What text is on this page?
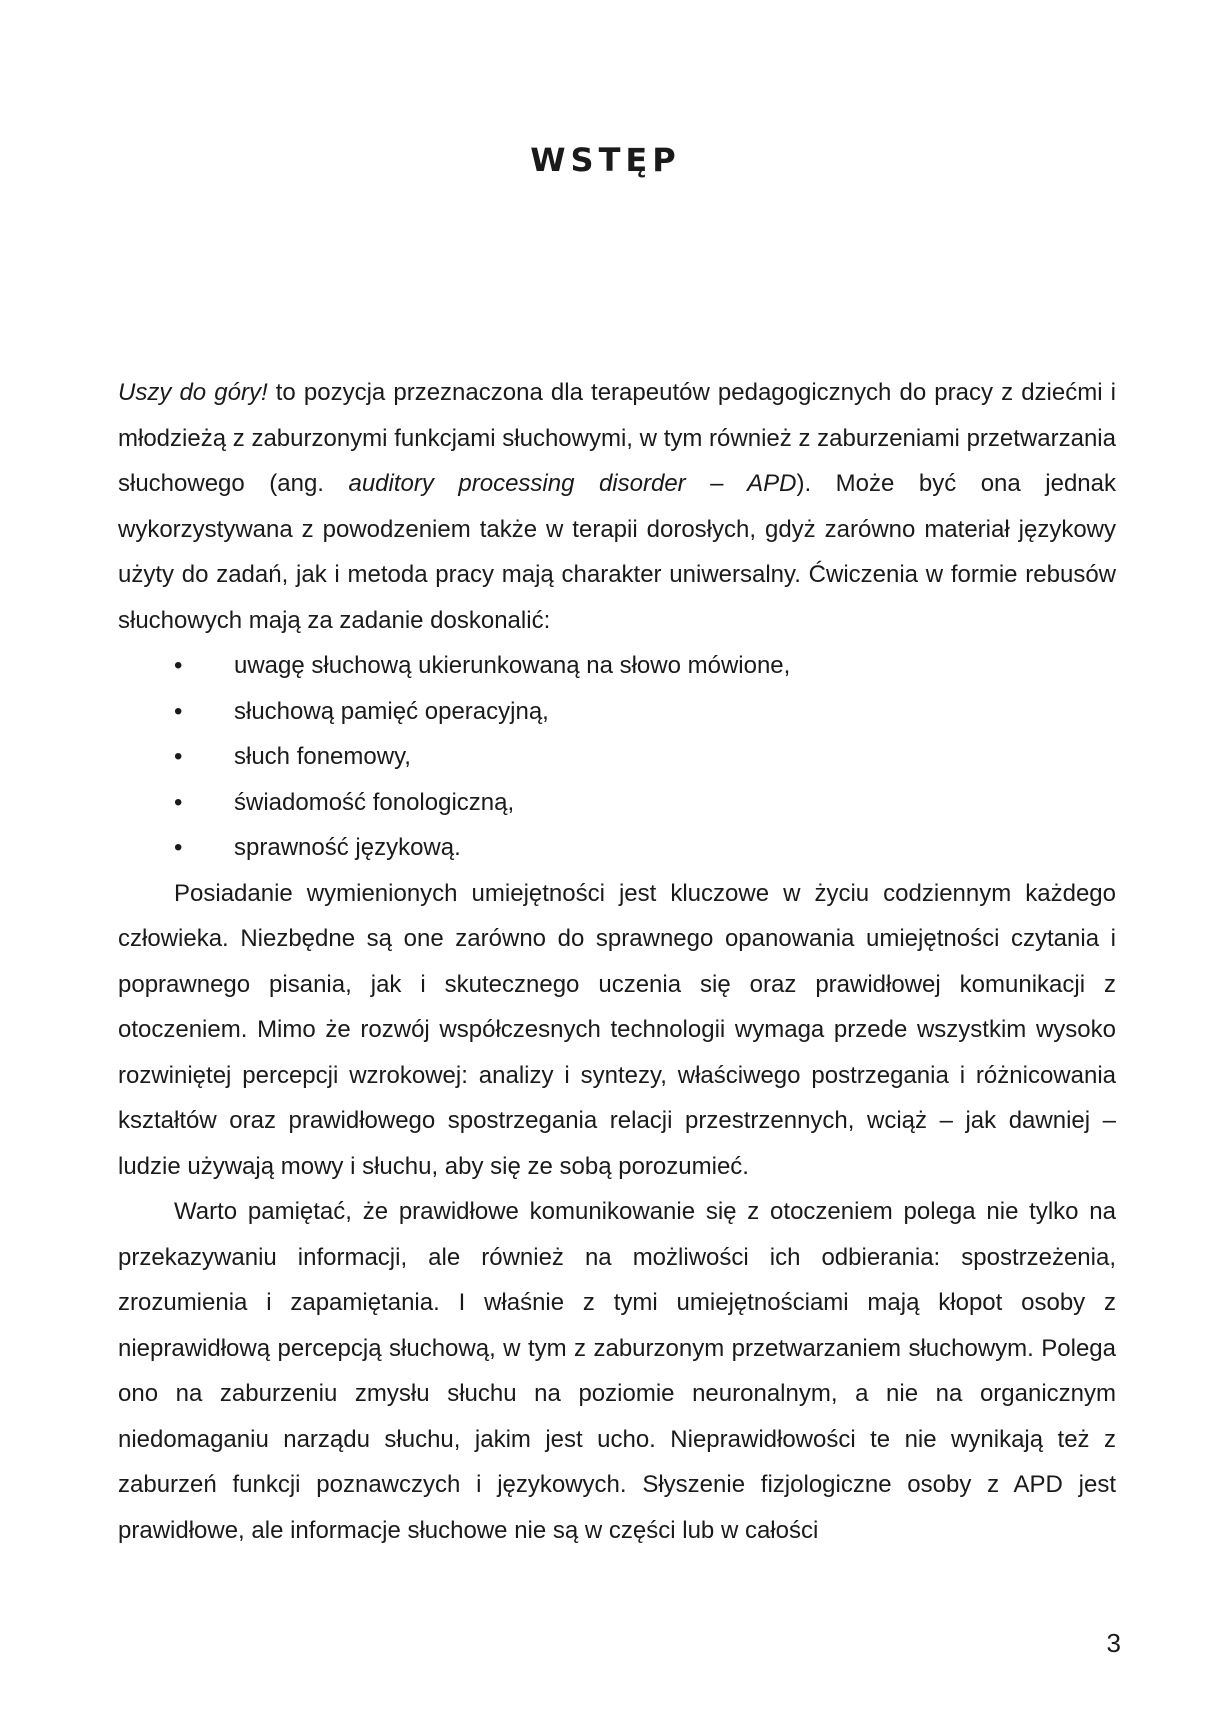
WSTĘP

Uszy do góry! to pozycja przeznaczona dla terapeutów pedagogicznych do pracy z dziećmi i młodzieżą z zaburzonymi funkcjami słuchowymi, w tym również z zaburzeniami przetwarzania słuchowego (ang. auditory processing disorder – APD). Może być ona jednak wykorzystywana z powodzeniem także w terapii dorosłych, gdyż zarówno materiał językowy użyty do zadań, jak i metoda pracy mają charakter uniwersalny. Ćwiczenia w formie rebusów słuchowych mają za zadanie doskonalić:

• uwagę słuchową ukierunkowaną na słowo mówione,
• słuchową pamięć operacyjną,
• słuch fonemowy,
• świadomość fonologiczną,
• sprawność językową.

Posiadanie wymienionych umiejętności jest kluczowe w życiu codziennym każdego człowieka. Niezbędne są one zarówno do sprawnego opanowania umiejętności czytania i poprawnego pisania, jak i skutecznego uczenia się oraz prawidłowej komunikacji z otoczeniem. Mimo że rozwój współczesnych technologii wymaga przede wszystkim wysoko rozwiniętej percepcji wzrokowej: analizy i syntezy, właściwego postrzegania i różnicowania kształtów oraz prawidłowego spostrzegania relacji przestrzennych, wciąż – jak dawniej – ludzie używają mowy i słuchu, aby się ze sobą porozumieć.

Warto pamiętać, że prawidłowe komunikowanie się z otoczeniem polega nie tylko na przekazywaniu informacji, ale również na możliwości ich odbierania: spostrzeżenia, zrozumienia i zapamiętania. I właśnie z tymi umiejętnościami mają kłopot osoby z nieprawidłową percepcją słuchową, w tym z zaburzonym przetwarzaniem słuchowym. Polega ono na zaburzeniu zmysłu słuchu na poziomie neuronalnym, a nie na organicznym niedomaganiu narządu słuchu, jakim jest ucho. Nieprawidłowości te nie wynikają też z zaburzeń funkcji poznawczych i językowych. Słyszenie fizjologiczne osoby z APD jest prawidłowe, ale informacje słuchowe nie są w części lub w całości

3
